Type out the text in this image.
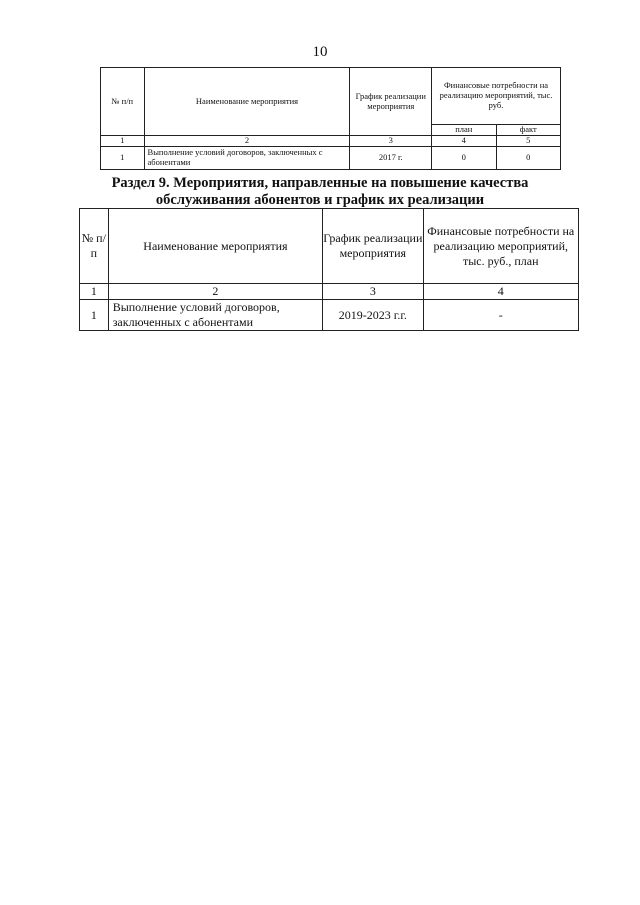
10
№ п/п	Наименование мероприятия	График реализации мероприятия	Финансовые потребности на реализацию мероприятий, тыс. руб.	
			план	факт
1	2	3	4	5
1	Выполнение условий договоров, заключенных с абонентами	2017 г.	0	0
Раздел 9. Мероприятия, направленные на повышение качества
обслуживания абонентов и график их реализации
№ п/ п	Наименование мероприятия	График реализации мероприятия	Финансовые потребности на реализацию мероприятий, тыс. руб., план
1	2	3	4
1	Выполнение условий договоров, заключенных с абонентами	2019-2023 г.г.	-
